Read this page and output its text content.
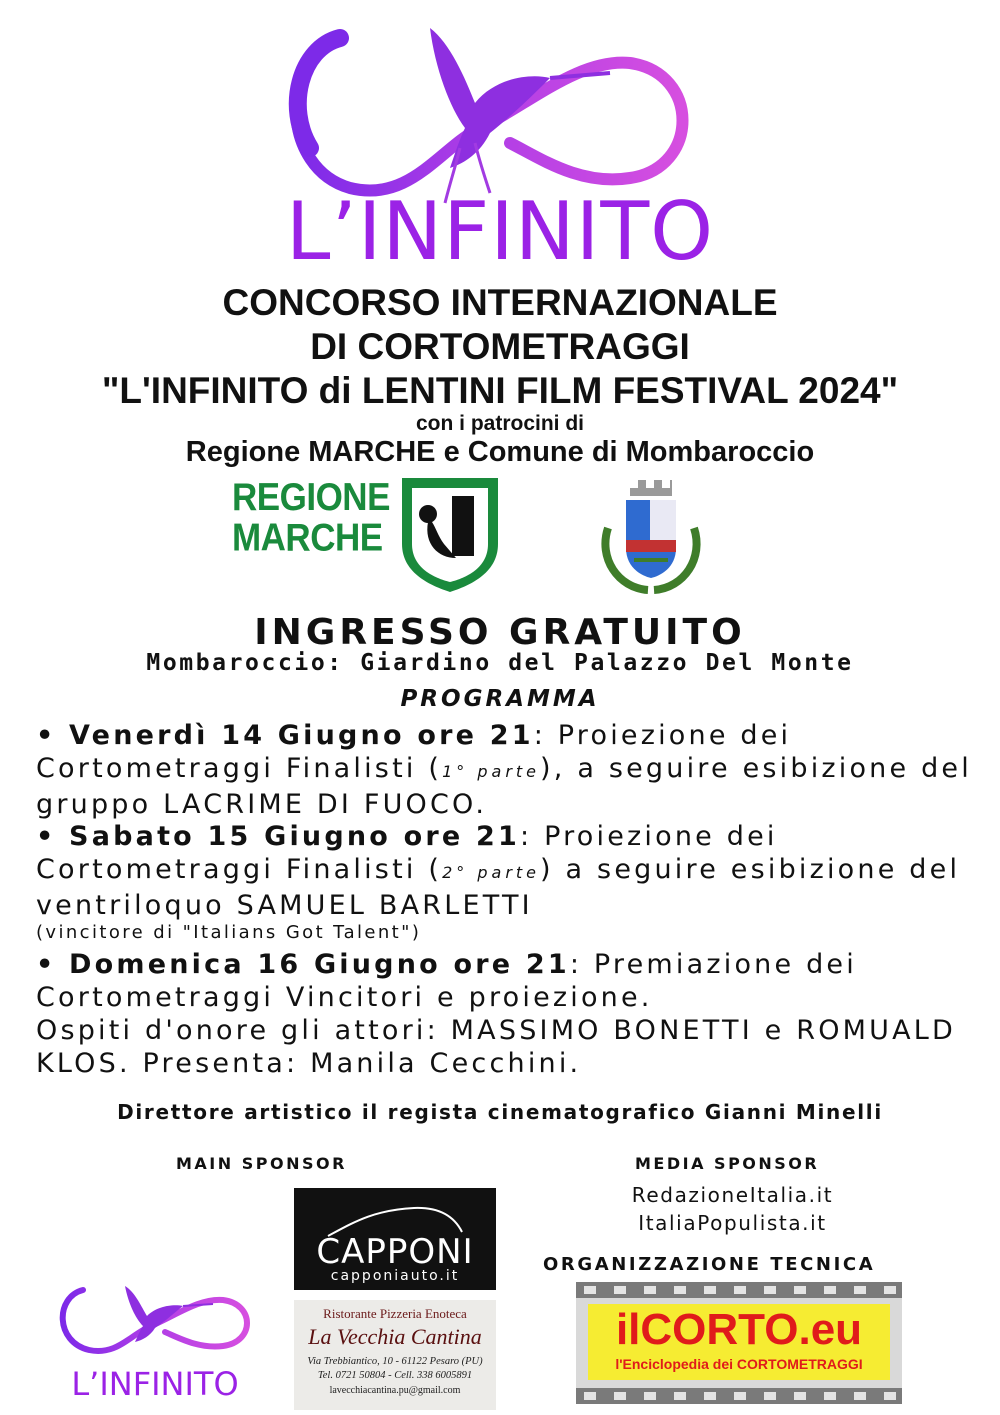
L’INFINITO
CONCORSO INTERNAZIONALE
DI CORTOMETRAGGI
"L'INFINITO di LENTINI FILM FESTIVAL 2024"
con i patrocini di
Regione MARCHE e Comune di Mombaroccio
REGIONE
MARCHE
INGRESSO GRATUITO
Mombaroccio: Giardino del Palazzo Del Monte
PROGRAMMA
• Venerdì 14 Giugno ore 21: Proiezione dei Cortometraggi Finalisti (1° parte), a seguire esibizione del gruppo LACRIME DI FUOCO.
• Sabato 15 Giugno ore 21: Proiezione dei Cortometraggi Finalisti (2° parte) a seguire esibizione del ventriloquo SAMUEL BARLETTI
(vincitore di "Italians Got Talent")
• Domenica 16 Giugno ore 21: Premiazione dei Cortometraggi Vincitori e proiezione.
Ospiti d'onore gli attori: MASSIMO BONETTI e ROMUALD KLOS. Presenta: Manila Cecchini.
Direttore artistico il regista cinematografico Gianni Minelli
MAIN SPONSOR	MEDIA SPONSOR
RedazioneItalia.it
ItaliaPopulista.it
ORGANIZZAZIONE TECNICA
CAPPONI
capponiauto.it
Ristorante Pizzeria Enoteca
La Vecchia Cantina
Via Trebbiantico, 10 - 61122 Pesaro (PU)
Tel. 0721 50804 - Cell. 338 6005891
lavecchiacantina.pu@gmail.com
ilCORTO.eu
l'Enciclopedia dei CORTOMETRAGGI
L’INFINITO
